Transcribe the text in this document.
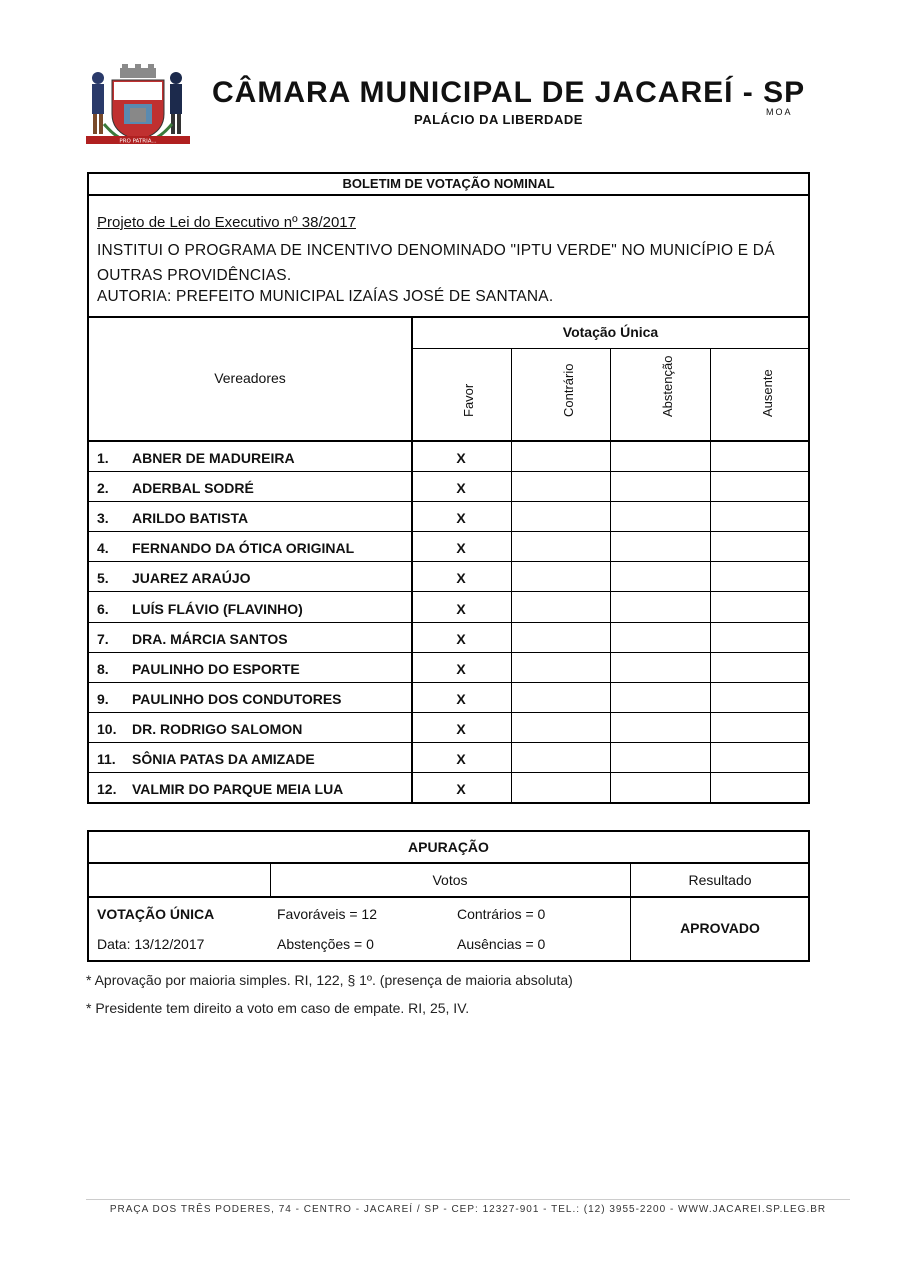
PRO PATRIA...
CÂMARA MUNICIPAL DE JACAREÍ - SP
MOA
PALÁCIO DA LIBERDADE
BOLETIM DE VOTAÇÃO NOMINAL
Projeto de Lei do Executivo nº 38/2017
INSTITUI O PROGRAMA DE INCENTIVO DENOMINADO "IPTU VERDE" NO MUNICÍPIO E DÁ OUTRAS PROVIDÊNCIAS.
AUTORIA: PREFEITO MUNICIPAL IZAÍAS JOSÉ DE SANTANA.
Vereadores
Votação Única
Favor	Contrário	Abstenção	Ausente
1. ABNER DE MADUREIRA	X
2. ADERBAL SODRÉ	X
3. ARILDO BATISTA	X
4. FERNANDO DA ÓTICA ORIGINAL	X
5. JUAREZ ARAÚJO	X
6. LUÍS FLÁVIO (FLAVINHO)	X
7. DRA. MÁRCIA SANTOS	X
8. PAULINHO DO ESPORTE	X
9. PAULINHO DOS CONDUTORES	X
10. DR. RODRIGO SALOMON	X
11. SÔNIA PATAS DA AMIZADE	X
12. VALMIR DO PARQUE MEIA LUA	X
APURAÇÃO
Votos	Resultado
VOTAÇÃO ÚNICA
Data: 13/12/2017
Favoráveis = 12	Contrários = 0
Abstenções = 0	Ausências = 0
APROVADO
* Aprovação por maioria simples. RI, 122, § 1º. (presença de maioria absoluta)
* Presidente tem direito a voto em caso de empate. RI, 25, IV.
PRAÇA DOS TRÊS PODERES, 74 - CENTRO - JACAREÍ / SP - CEP: 12327-901 - TEL.: (12) 3955-2200 - WWW.JACAREI.SP.LEG.BR
